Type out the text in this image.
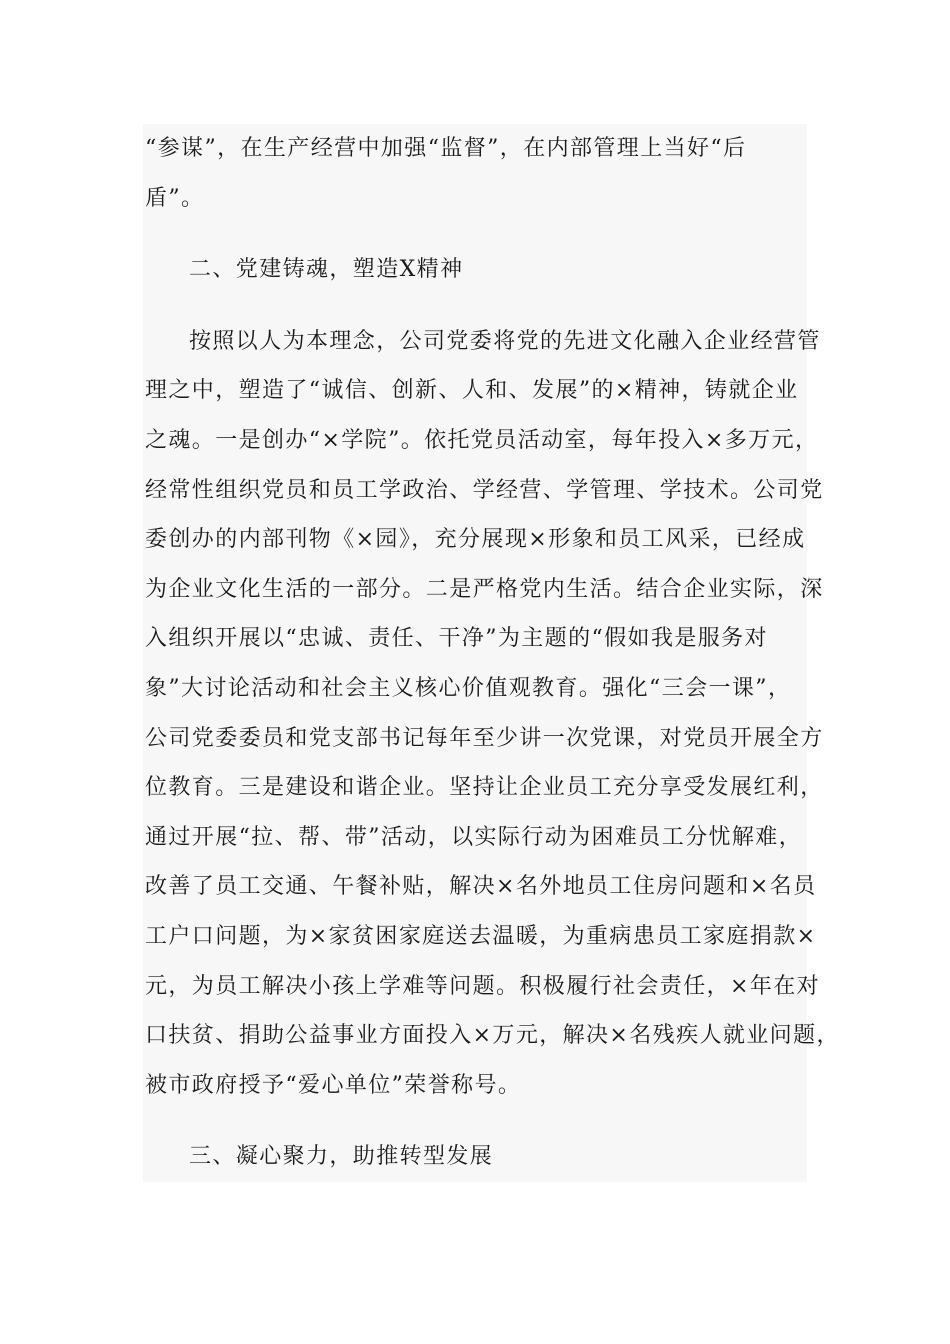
“参谋”，在生产经营中加强“监督”，在内部管理上当好“后
盾”。
二、党建铸魂，塑造X精神
按照以人为本理念，公司党委将党的先进文化融入企业经营管
理之中，塑造了“诚信、创新、人和、发展”的×精神，铸就企业
之魂。一是创办“×学院”。依托党员活动室，每年投入×多万元，
经常性组织党员和员工学政治、学经营、学管理、学技术。公司党
委创办的内部刊物《×园》，充分展现×形象和员工风采，已经成
为企业文化生活的一部分。二是严格党内生活。结合企业实际，深
入组织开展以“忠诚、责任、干净”为主题的“假如我是服务对
象”大讨论活动和社会主义核心价值观教育。强化“三会一课”，
公司党委委员和党支部书记每年至少讲一次党课，对党员开展全方
位教育。三是建设和谐企业。坚持让企业员工充分享受发展红利，
通过开展“拉、帮、带”活动，以实际行动为困难员工分忧解难，
改善了员工交通、午餐补贴，解决×名外地员工住房问题和×名员
工户口问题，为×家贫困家庭送去温暖，为重病患员工家庭捐款×
元，为员工解决小孩上学难等问题。积极履行社会责任，×年在对
口扶贫、捐助公益事业方面投入×万元，解决×名残疾人就业问题，
被市政府授予“爱心单位”荣誉称号。
三、凝心聚力，助推转型发展
